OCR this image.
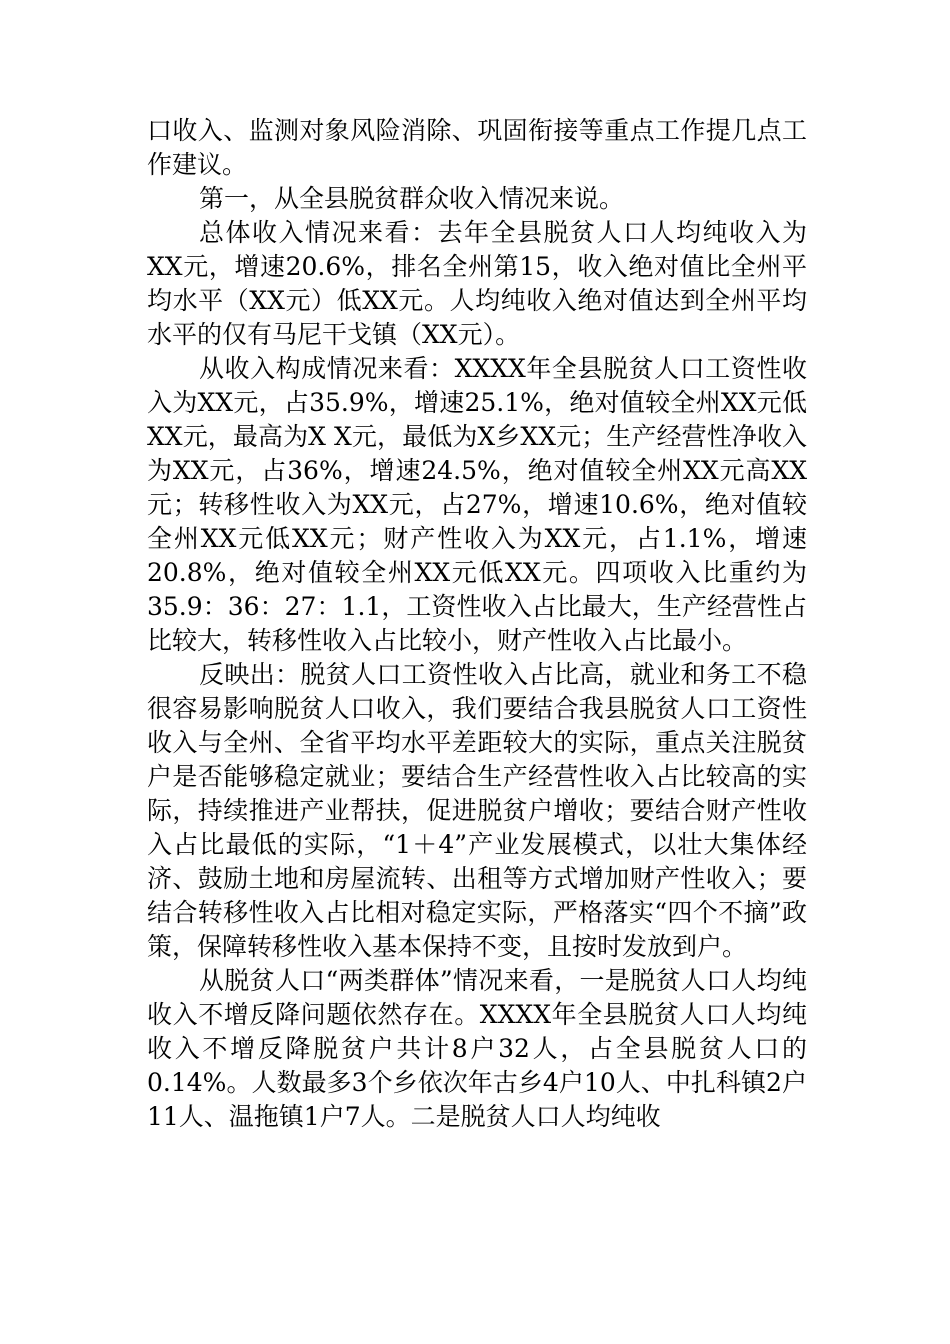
口收入、监测对象风险消除、巩固衔接等重点工作提几点工作建议。

第一，从全县脱贫群众收入情况来说。

总体收入情况来看：去年全县脱贫人口人均纯收入为XX元，增速20.6%，排名全州第15，收入绝对值比全州平均水平（XX元）低XX元。人均纯收入绝对值达到全州平均水平的仅有马尼干戈镇（XX元）。

从收入构成情况来看：XXXX年全县脱贫人口工资性收入为XX元，占35.9%，增速25.1%，绝对值较全州XX元低XX元，最高为X X元，最低为X乡XX元；生产经营性净收入为XX元，占36%，增速24.5%，绝对值较全州XX元高XX元；转移性收入为XX元，占27%，增速10.6%，绝对值较全州XX元低XX元；财产性收入为XX元，占1.1%，增速20.8%，绝对值较全州XX元低XX元。四项收入比重约为35.9：36：27：1.1，工资性收入占比最大，生产经营性占比较大，转移性收入占比较小，财产性收入占比最小。

反映出：脱贫人口工资性收入占比高，就业和务工不稳很容易影响脱贫人口收入，我们要结合我县脱贫人口工资性收入与全州、全省平均水平差距较大的实际，重点关注脱贫户是否能够稳定就业；要结合生产经营性收入占比较高的实际，持续推进产业帮扶，促进脱贫户增收；要结合财产性收入占比最低的实际，“1＋4”产业发展模式，以壮大集体经济、鼓励土地和房屋流转、出租等方式增加财产性收入；要结合转移性收入占比相对稳定实际，严格落实“四个不摘”政策，保障转移性收入基本保持不变，且按时发放到户。

从脱贫人口“两类群体”情况来看，一是脱贫人口人均纯收入不增反降问题依然存在。XXXX年全县脱贫人口人均纯收入不增反降脱贫户共计8户32人，占全县脱贫人口的0.14%。人数最多3个乡依次年古乡4户10人、中扎科镇2户11人、温拖镇1户7人。二是脱贫人口人均纯收
